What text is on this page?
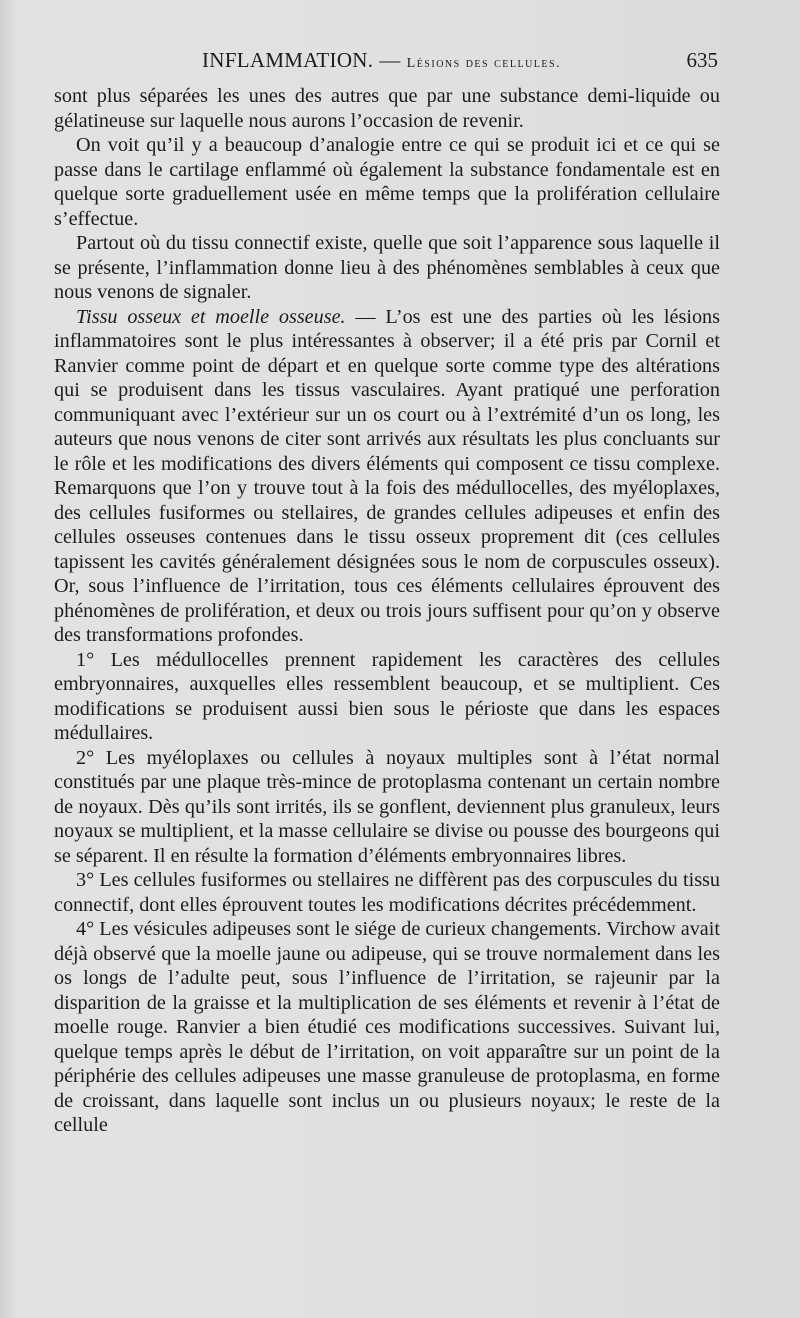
INFLAMMATION. — Lésions des cellules.	635

sont plus séparées les unes des autres que par une substance demi-liquide ou gélatineuse sur laquelle nous aurons l’occasion de revenir.

On voit qu’il y a beaucoup d’analogie entre ce qui se produit ici et ce qui se passe dans le cartilage enflammé où également la substance fondamentale est en quelque sorte graduellement usée en même temps que la prolifération cellulaire s’effectue.

Partout où du tissu connectif existe, quelle que soit l’apparence sous laquelle il se présente, l’inflammation donne lieu à des phénomènes semblables à ceux que nous venons de signaler.

Tissu osseux et moelle osseuse. — L’os est une des parties où les lésions inflammatoires sont le plus intéressantes à observer; il a été pris par Cornil et Ranvier comme point de départ et en quelque sorte comme type des altérations qui se produisent dans les tissus vasculaires. Ayant pratiqué une perforation communiquant avec l’extérieur sur un os court ou à l’extrémité d’un os long, les auteurs que nous venons de citer sont arrivés aux résultats les plus concluants sur le rôle et les modifications des divers éléments qui composent ce tissu complexe. Remarquons que l’on y trouve tout à la fois des médullocelles, des myéloplaxes, des cellules fusiformes ou stellaires, de grandes cellules adipeuses et enfin des cellules osseuses contenues dans le tissu osseux proprement dit (ces cellules tapissent les cavités généralement désignées sous le nom de corpuscules osseux). Or, sous l’influence de l’irritation, tous ces éléments cellulaires éprouvent des phénomènes de prolifération, et deux ou trois jours suffisent pour qu’on y observe des transformations profondes.

1° Les médullocelles prennent rapidement les caractères des cellules embryonnaires, auxquelles elles ressemblent beaucoup, et se multiplient. Ces modifications se produisent aussi bien sous le périoste que dans les espaces médullaires.

2° Les myéloplaxes ou cellules à noyaux multiples sont à l’état normal constitués par une plaque très-mince de protoplasma contenant un certain nombre de noyaux. Dès qu’ils sont irrités, ils se gonflent, deviennent plus granuleux, leurs noyaux se multiplient, et la masse cellulaire se divise ou pousse des bourgeons qui se séparent. Il en résulte la formation d’éléments embryonnaires libres.

3° Les cellules fusiformes ou stellaires ne diffèrent pas des corpuscules du tissu connectif, dont elles éprouvent toutes les modifications décrites précédemment.

4° Les vésicules adipeuses sont le siége de curieux changements. Virchow avait déjà observé que la moelle jaune ou adipeuse, qui se trouve normalement dans les os longs de l’adulte peut, sous l’influence de l’irritation, se rajeunir par la disparition de la graisse et la multiplication de ses éléments et revenir à l’état de moelle rouge. Ranvier a bien étudié ces modifications successives. Suivant lui, quelque temps après le début de l’irritation, on voit apparaître sur un point de la périphérie des cellules adipeuses une masse granuleuse de protoplasma, en forme de croissant, dans laquelle sont inclus un ou plusieurs noyaux; le reste de la cellule
